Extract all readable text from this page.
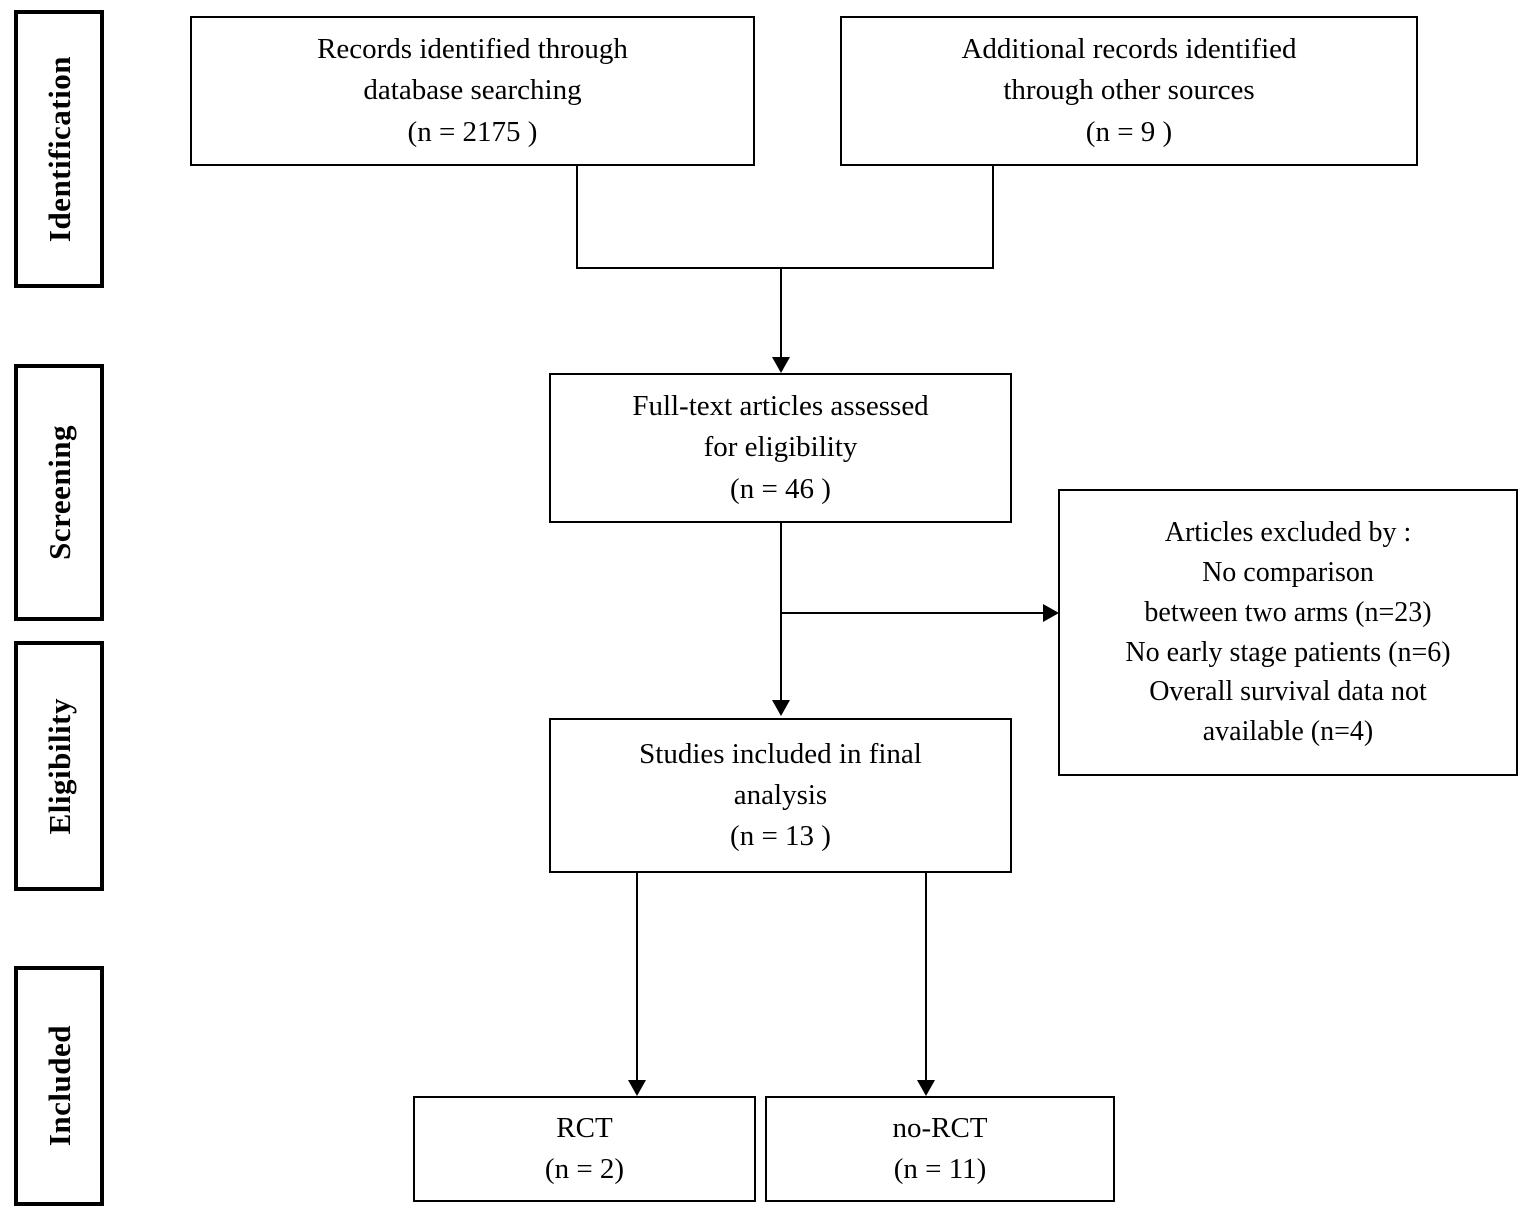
Identification
Screening
Eligibility
Included
Records identified through
database searching
(n = 2175 )
Additional records identified
through other sources
(n = 9 )
Full-text articles assessed
for eligibility
(n = 46 )
Articles excluded by :
No comparison
between two arms (n=23)
No early stage patients (n=6)
Overall survival data not
available (n=4)
Studies included in final
analysis
(n = 13 )
RCT
(n = 2)
no-RCT
(n = 11)
